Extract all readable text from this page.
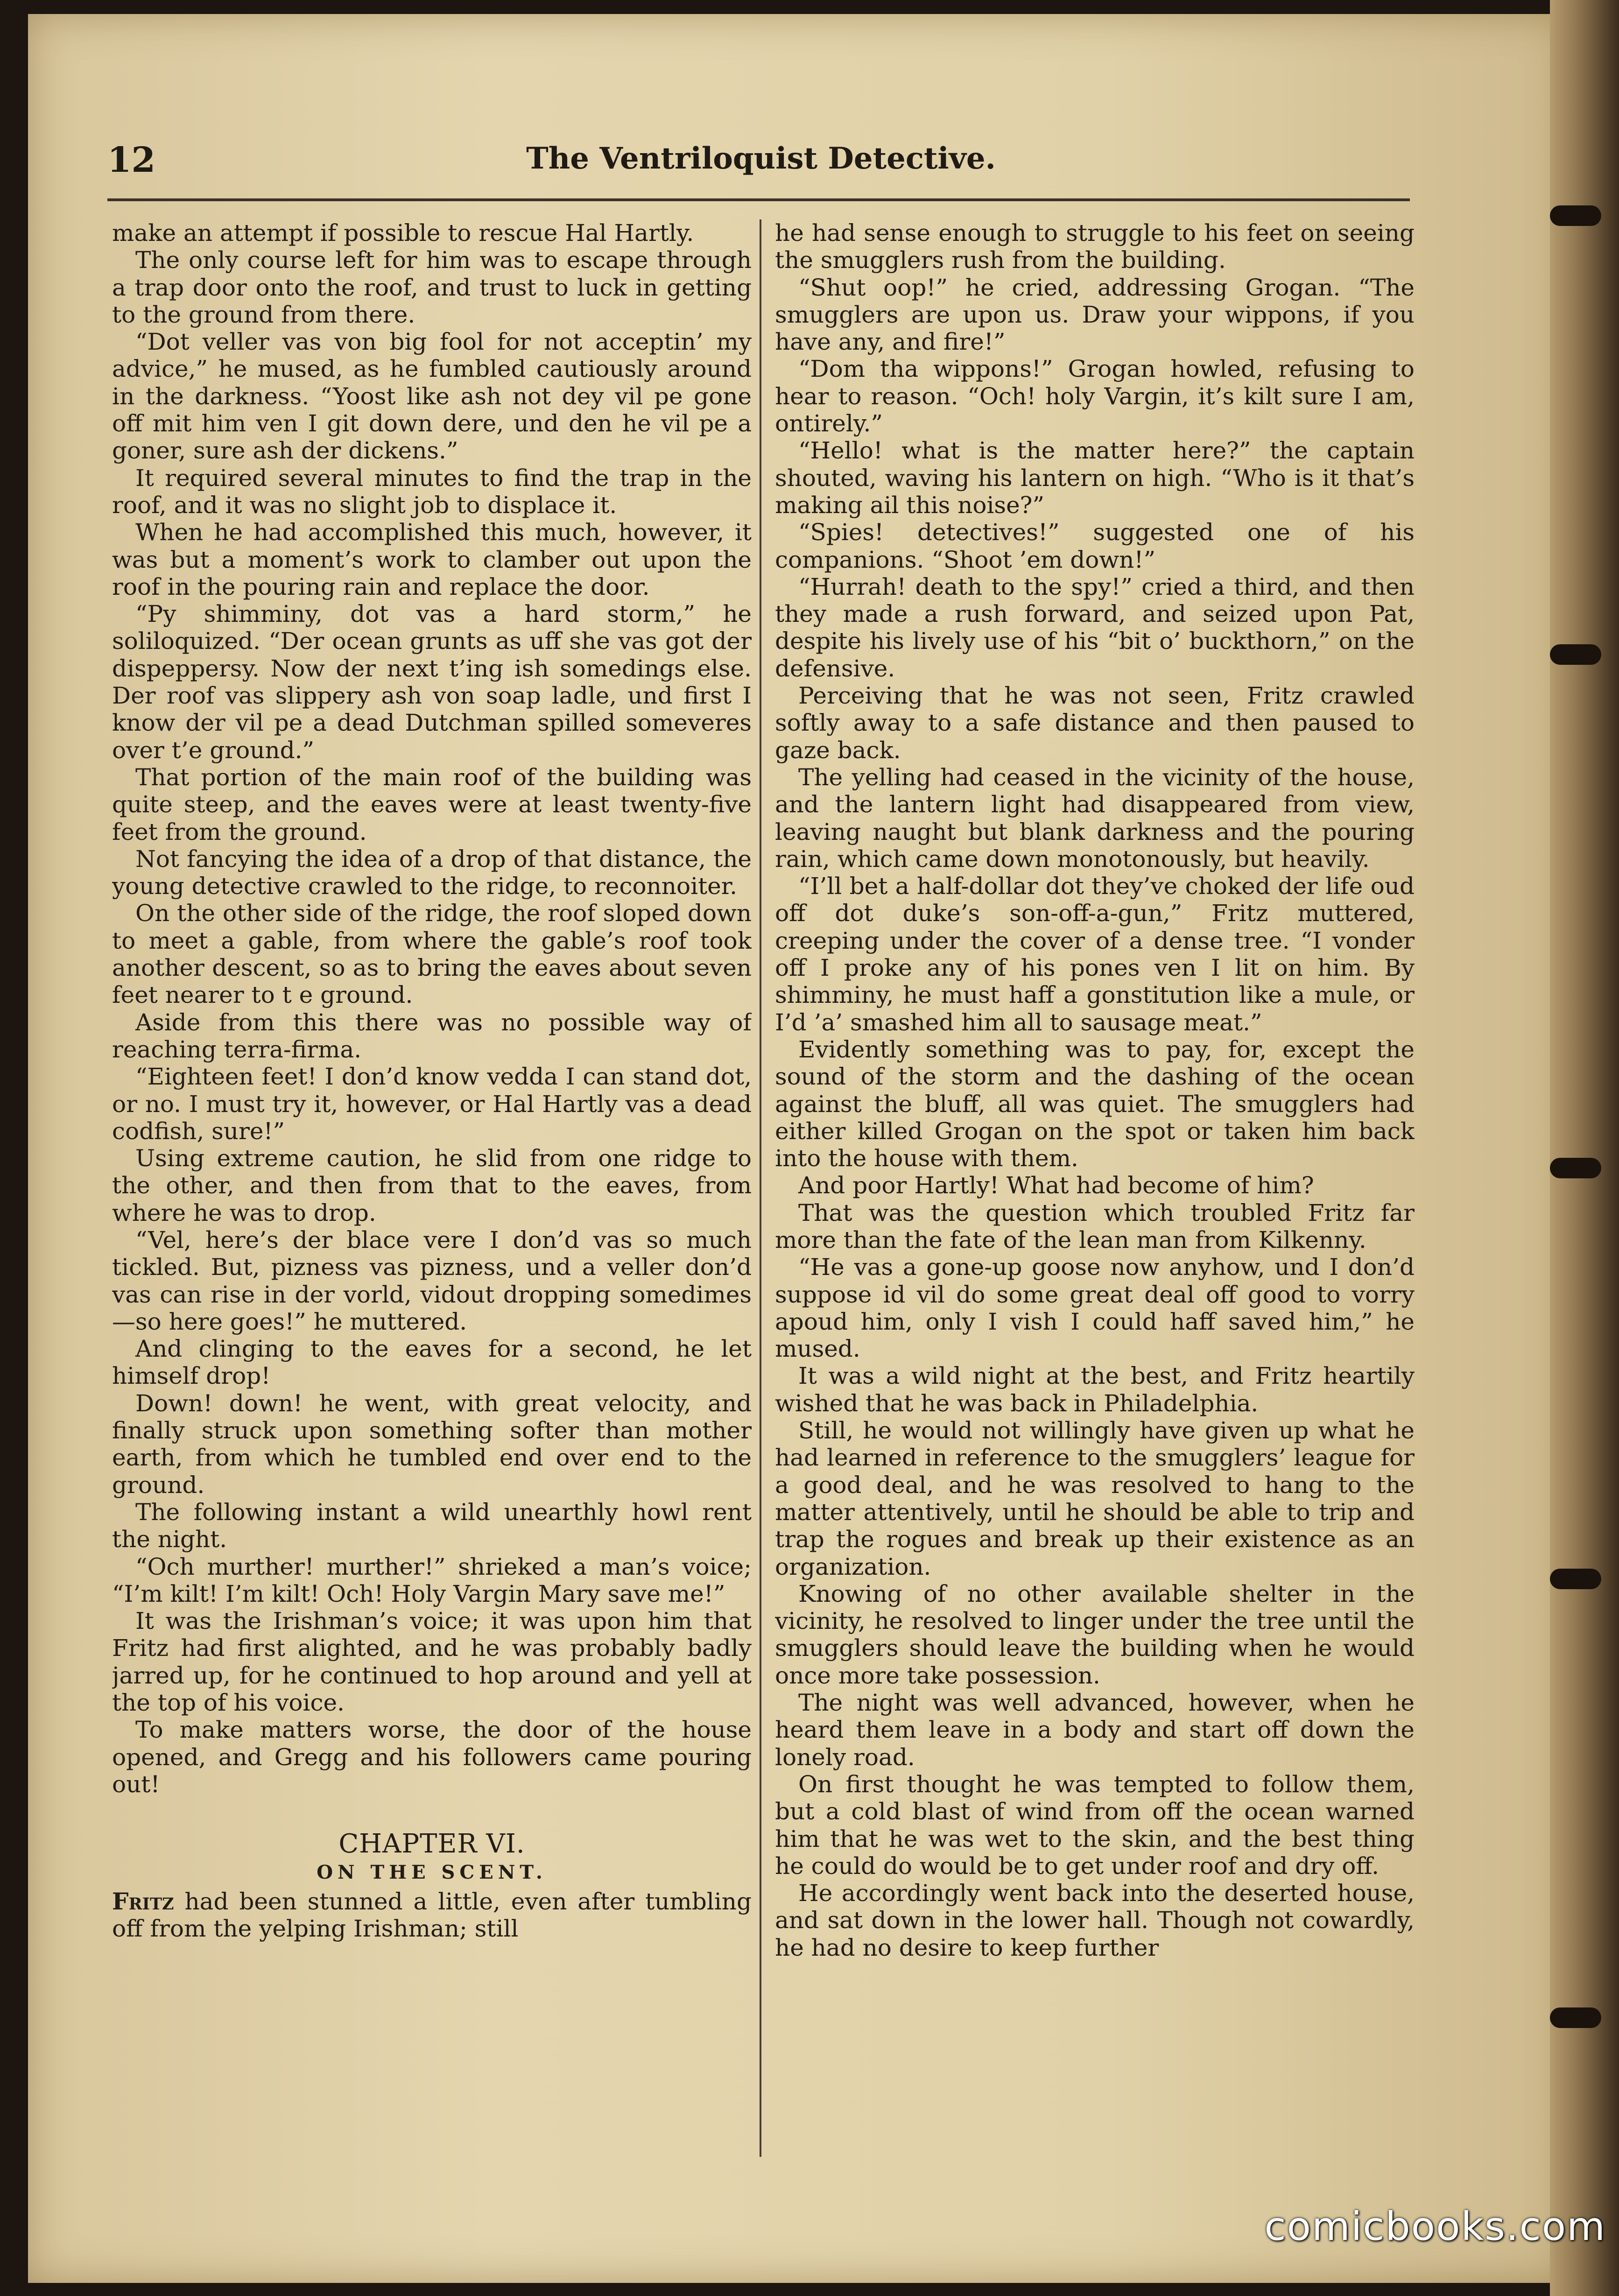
12	The Ventriloquist Detective.

make an attempt if possible to rescue Hal Hartly.

The only course left for him was to escape through a trap door onto the roof, and trust to luck in getting to the ground from there.

“Dot veller vas von big fool for not acceptin’ my advice,” he mused, as he fumbled cautiously around in the darkness. “Yoost like ash not dey vil pe gone off mit him ven I git down dere, und den he vil pe a goner, sure ash der dickens.”

It required several minutes to find the trap in the roof, and it was no slight job to displace it.

When he had accomplished this much, however, it was but a moment’s work to clamber out upon the roof in the pouring rain and replace the door.

“Py shimminy, dot vas a hard storm,” he soliloquized. “Der ocean grunts as uff she vas got der dispeppersy. Now der next t’ing ish somedings else. Der roof vas slippery ash von soap ladle, und first I know der vil pe a dead Dutchman spilled someveres over t’e ground.”

That portion of the main roof of the building was quite steep, and the eaves were at least twenty-five feet from the ground.

Not fancying the idea of a drop of that distance, the young detective crawled to the ridge, to reconnoiter.

On the other side of the ridge, the roof sloped down to meet a gable, from where the gable’s roof took another descent, so as to bring the eaves about seven feet nearer to t e ground.

Aside from this there was no possible way of reaching terra-firma.

“Eighteen feet! I don’d know vedda I can stand dot, or no. I must try it, however, or Hal Hartly vas a dead codfish, sure!”

Using extreme caution, he slid from one ridge to the other, and then from that to the eaves, from where he was to drop.

“Vel, here’s der blace vere I don’d vas so much tickled. But, pizness vas pizness, und a veller don’d vas can rise in der vorld, vidout dropping somedimes—so here goes!” he muttered.

And clinging to the eaves for a second, he let himself drop!

Down! down! he went, with great velocity, and finally struck upon something softer than mother earth, from which he tumbled end over end to the ground.

The following instant a wild unearthly howl rent the night.

“Och murther! murther!” shrieked a man’s voice; “I’m kilt! I’m kilt! Och! Holy Vargin Mary save me!”

It was the Irishman’s voice; it was upon him that Fritz had first alighted, and he was probably badly jarred up, for he continued to hop around and yell at the top of his voice.

To make matters worse, the door of the house opened, and Gregg and his followers came pouring out!

CHAPTER VI.
ON THE SCENT.

Fritz had been stunned a little, even after tumbling off from the yelping Irishman; still

he had sense enough to struggle to his feet on seeing the smugglers rush from the building.

“Shut oop!” he cried, addressing Grogan. “The smugglers are upon us. Draw your wippons, if you have any, and fire!”

“Dom tha wippons!” Grogan howled, refusing to hear to reason. “Och! holy Vargin, it’s kilt sure I am, ontirely.”

“Hello! what is the matter here?” the captain shouted, waving his lantern on high. “Who is it that’s making ail this noise?”

“Spies! detectives!” suggested one of his companions. “Shoot ’em down!”

“Hurrah! death to the spy!” cried a third, and then they made a rush forward, and seized upon Pat, despite his lively use of his “bit o’ buckthorn,” on the defensive.

Perceiving that he was not seen, Fritz crawled softly away to a safe distance and then paused to gaze back.

The yelling had ceased in the vicinity of the house, and the lantern light had disappeared from view, leaving naught but blank darkness and the pouring rain, which came down monotonously, but heavily.

“I’ll bet a half-dollar dot they’ve choked der life oud off dot duke’s son-off-a-gun,” Fritz muttered, creeping under the cover of a dense tree. “I vonder off I proke any of his pones ven I lit on him. By shimminy, he must haff a gonstitution like a mule, or I’d ’a’ smashed him all to sausage meat.”

Evidently something was to pay, for, except the sound of the storm and the dashing of the ocean against the bluff, all was quiet. The smugglers had either killed Grogan on the spot or taken him back into the house with them.

And poor Hartly! What had become of him?

That was the question which troubled Fritz far more than the fate of the lean man from Kilkenny.

“He vas a gone-up goose now anyhow, und I don’d suppose id vil do some great deal off good to vorry apoud him, only I vish I could haff saved him,” he mused.

It was a wild night at the best, and Fritz heartily wished that he was back in Philadelphia.

Still, he would not willingly have given up what he had learned in reference to the smugglers’ league for a good deal, and he was resolved to hang to the matter attentively, until he should be able to trip and trap the rogues and break up their existence as an organization.

Knowing of no other available shelter in the vicinity, he resolved to linger under the tree until the smugglers should leave the building when he would once more take possession.

The night was well advanced, however, when he heard them leave in a body and start off down the lonely road.

On first thought he was tempted to follow them, but a cold blast of wind from off the ocean warned him that he was wet to the skin, and the best thing he could do would be to get under roof and dry off.

He accordingly went back into the deserted house, and sat down in the lower hall. Though not cowardly, he had no desire to keep further

comicbooks.com
